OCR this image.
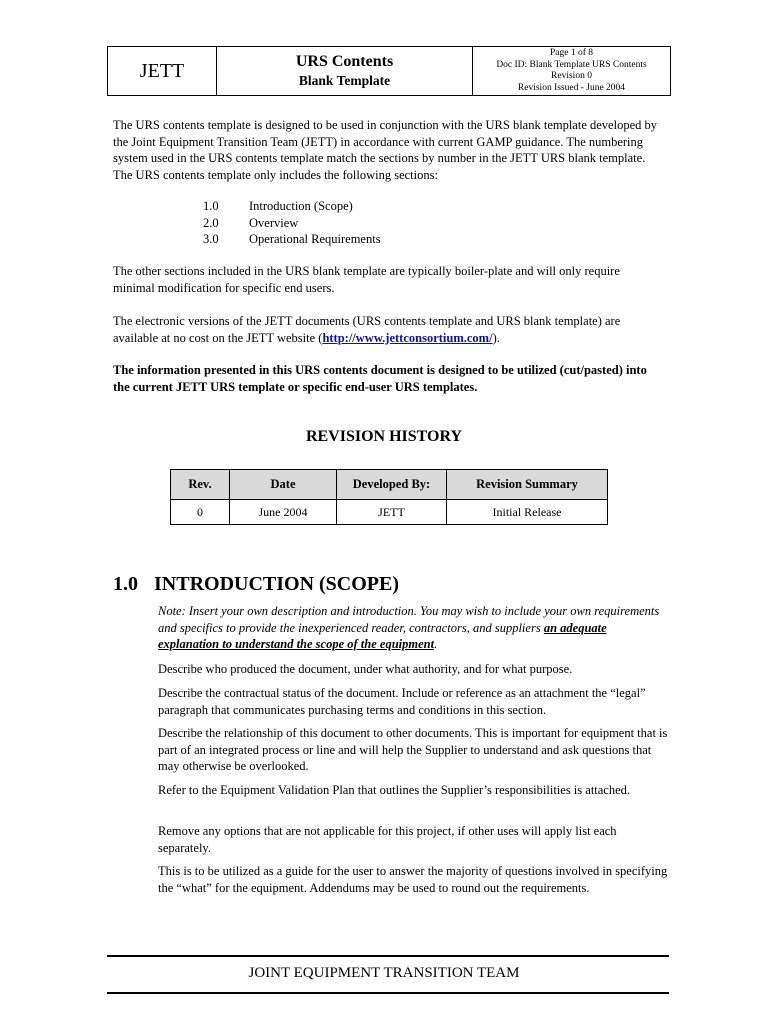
JETT	URS Contents
Blank Template
Page 1 of 8
Doc ID: Blank Template URS Contents
Revision 0
Revision Issued - June 2004
The URS contents template is designed to be used in conjunction with the URS blank template developed by the Joint Equipment Transition Team (JETT) in accordance with current GAMP guidance. The numbering system used in the URS contents template match the sections by number in the JETT URS blank template. The URS contents template only includes the following sections:
1.0	Introduction (Scope)
2.0	Overview
3.0	Operational Requirements
The other sections included in the URS blank template are typically boiler-plate and will only require minimal modification for specific end users.
The electronic versions of the JETT documents (URS contents template and URS blank template) are available at no cost on the JETT website (http://www.jettconsortium.com/).
The information presented in this URS contents document is designed to be utilized (cut/pasted) into the current JETT URS template or specific end-user URS templates.
REVISION HISTORY
Rev.	Date	Developed By:	Revision Summary
0	June 2004	JETT	Initial Release
1.0 INTRODUCTION (SCOPE)
Note: Insert your own description and introduction. You may wish to include your own requirements and specifics to provide the inexperienced reader, contractors, and suppliers an adequate explanation to understand the scope of the equipment.
Describe who produced the document, under what authority, and for what purpose.
Describe the contractual status of the document. Include or reference as an attachment the “legal” paragraph that communicates purchasing terms and conditions in this section.
Describe the relationship of this document to other documents. This is important for equipment that is part of an integrated process or line and will help the Supplier to understand and ask questions that may otherwise be overlooked.
Refer to the Equipment Validation Plan that outlines the Supplier’s responsibilities is attached.
Remove any options that are not applicable for this project, if other uses will apply list each separately.
This is to be utilized as a guide for the user to answer the majority of questions involved in specifying the “what” for the equipment. Addendums may be used to round out the requirements.
JOINT EQUIPMENT TRANSITION TEAM
